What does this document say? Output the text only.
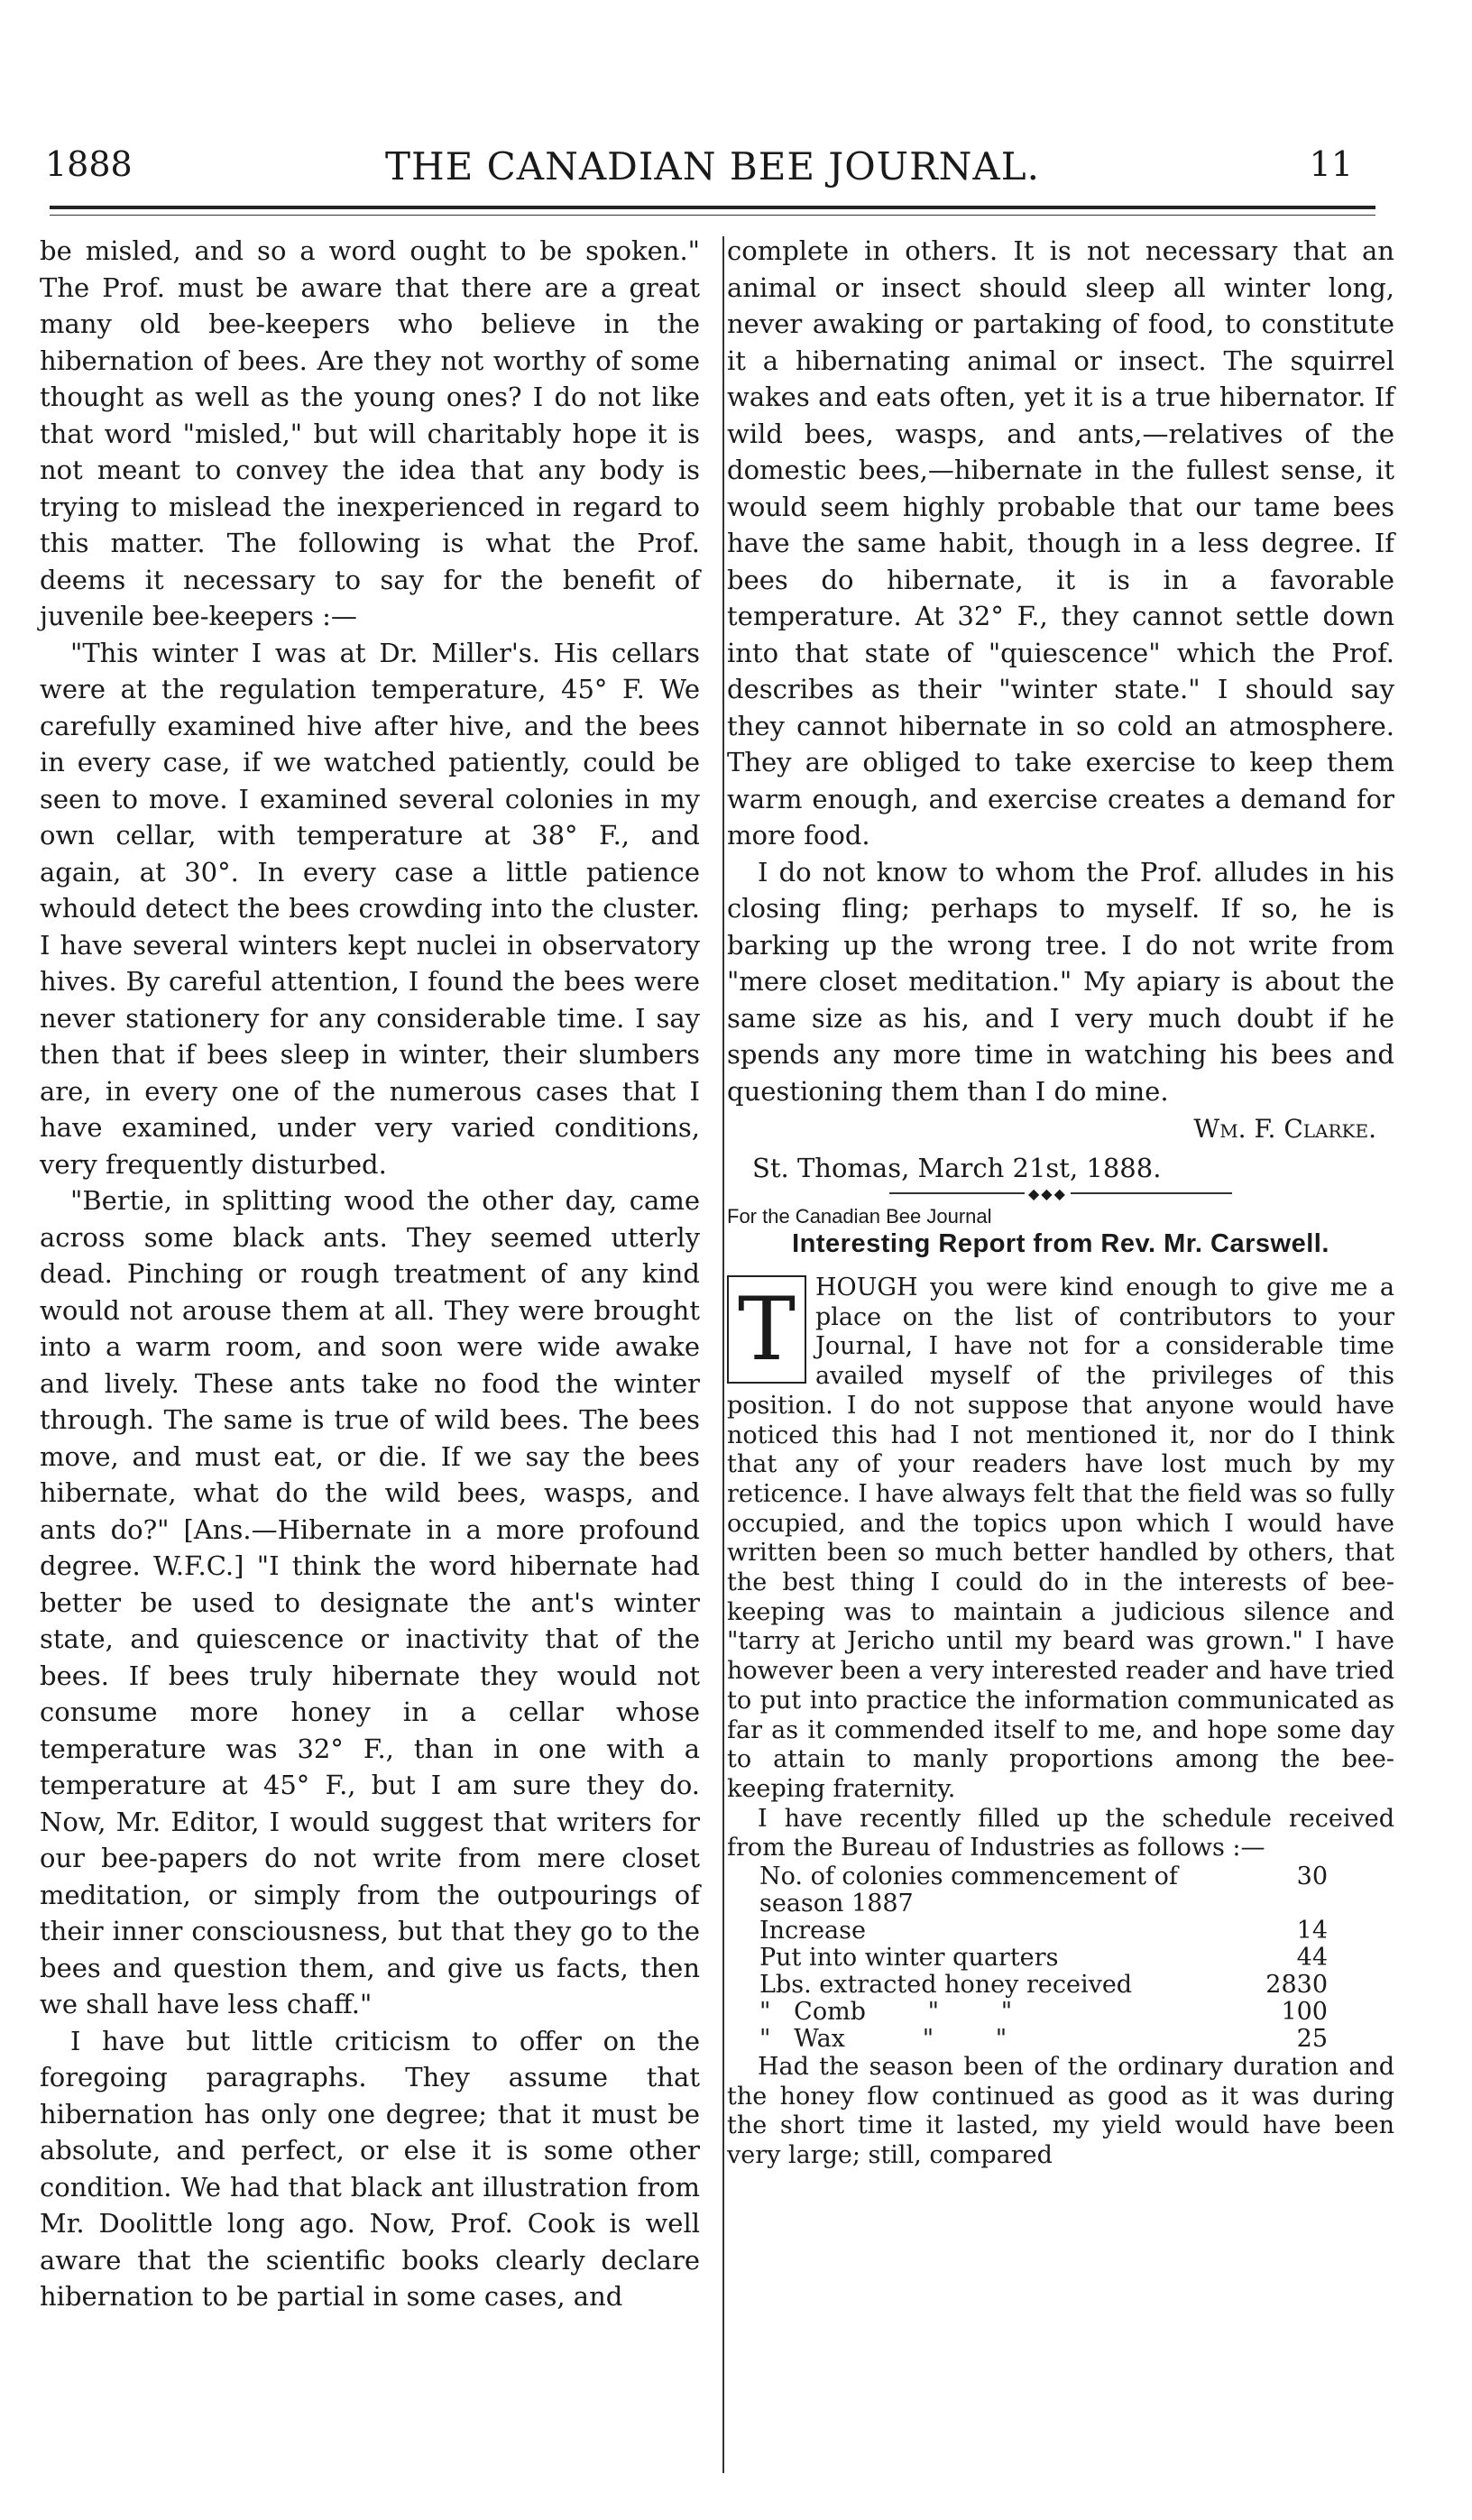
1888	THE CANADIAN BEE JOURNAL.	11

be misled, and so a word ought to be spoken." The Prof. must be aware that there are a great many old bee-keepers who believe in the hibernation of bees. Are they not worthy of some thought as well as the young ones? I do not like that word "misled," but will charitably hope it is not meant to convey the idea that any body is trying to mislead the inexperienced in regard to this matter. The following is what the Prof. deems it necessary to say for the benefit of juvenile bee-keepers :—

"This winter I was at Dr. Miller's. His cellars were at the regulation temperature, 45° F. We carefully examined hive after hive, and the bees in every case, if we watched patiently, could be seen to move. I examined several colonies in my own cellar, with temperature at 38° F., and again, at 30°. In every case a little patience whould detect the bees crowding into the cluster. I have several winters kept nuclei in observatory hives. By careful attention, I found the bees were never stationery for any considerable time. I say then that if bees sleep in winter, their slumbers are, in every one of the numerous cases that I have examined, under very varied conditions, very frequently disturbed.

"Bertie, in splitting wood the other day, came across some black ants. They seemed utterly dead. Pinching or rough treatment of any kind would not arouse them at all. They were brought into a warm room, and soon were wide awake and lively. These ants take no food the winter through. The same is true of wild bees. The bees move, and must eat, or die. If we say the bees hibernate, what do the wild bees, wasps, and ants do?" [Ans.—Hibernate in a more profound degree. W.F.C.] "I think the word hibernate had better be used to designate the ant's winter state, and quiescence or inactivity that of the bees. If bees truly hibernate they would not consume more honey in a cellar whose temperature was 32° F., than in one with a temperature at 45° F., but I am sure they do. Now, Mr. Editor, I would suggest that writers for our bee-papers do not write from mere closet meditation, or simply from the outpourings of their inner consciousness, but that they go to the bees and question them, and give us facts, then we shall have less chaff."

I have but little criticism to offer on the foregoing paragraphs. They assume that hibernation has only one degree; that it must be absolute, and perfect, or else it is some other condition. We had that black ant illustration from Mr. Doolittle long ago. Now, Prof. Cook is well aware that the scientific books clearly declare hibernation to be partial in some cases, and

complete in others. It is not necessary that an animal or insect should sleep all winter long, never awaking or partaking of food, to constitute it a hibernating animal or insect. The squirrel wakes and eats often, yet it is a true hibernator. If wild bees, wasps, and ants,—relatives of the domestic bees,—hibernate in the fullest sense, it would seem highly probable that our tame bees have the same habit, though in a less degree. If bees do hibernate, it is in a favorable temperature. At 32° F., they cannot settle down into that state of "quiescence" which the Prof. describes as their "winter state." I should say they cannot hibernate in so cold an atmosphere. They are obliged to take exercise to keep them warm enough, and exercise creates a demand for more food.

I do not know to whom the Prof. alludes in his closing fling; perhaps to myself. If so, he is barking up the wrong tree. I do not write from "mere closet meditation." My apiary is about the same size as his, and I very much doubt if he spends any more time in watching his bees and questioning them than I do mine.

Wm. F. Clarke.
St. Thomas, March 21st, 1888.
◆◆◆
For the Canadian Bee Journal
Interesting Report from Rev. Mr. Carswell.
T HOUGH you were kind enough to give me a place on the list of contributors to your Journal, I have not for a considerable time availed myself of the privileges of this position. I do not suppose that anyone would have noticed this had I not mentioned it, nor do I think that any of your readers have lost much by my reticence. I have always felt that the field was so fully occupied, and the topics upon which I would have written been so much better handled by others, that the best thing I could do in the interests of bee-keeping was to maintain a judicious silence and "tarry at Jericho until my beard was grown." I have however been a very interested reader and have tried to put into practice the information communicated as far as it commended itself to me, and hope some day to attain to manly proportions among the bee-keeping fraternity.

I have recently filled up the schedule received from the Bureau of Industries as follows :—

No. of colonies commencement of season 1887	30
Increase	14
Put into winter quarters	44
Lbs. extracted honey received	2830
"   Comb        "        "	100
"   Wax          "        "	25

Had the season been of the ordinary duration and the honey flow continued as good as it was during the short time it lasted, my yield would have been very large; still, compared
